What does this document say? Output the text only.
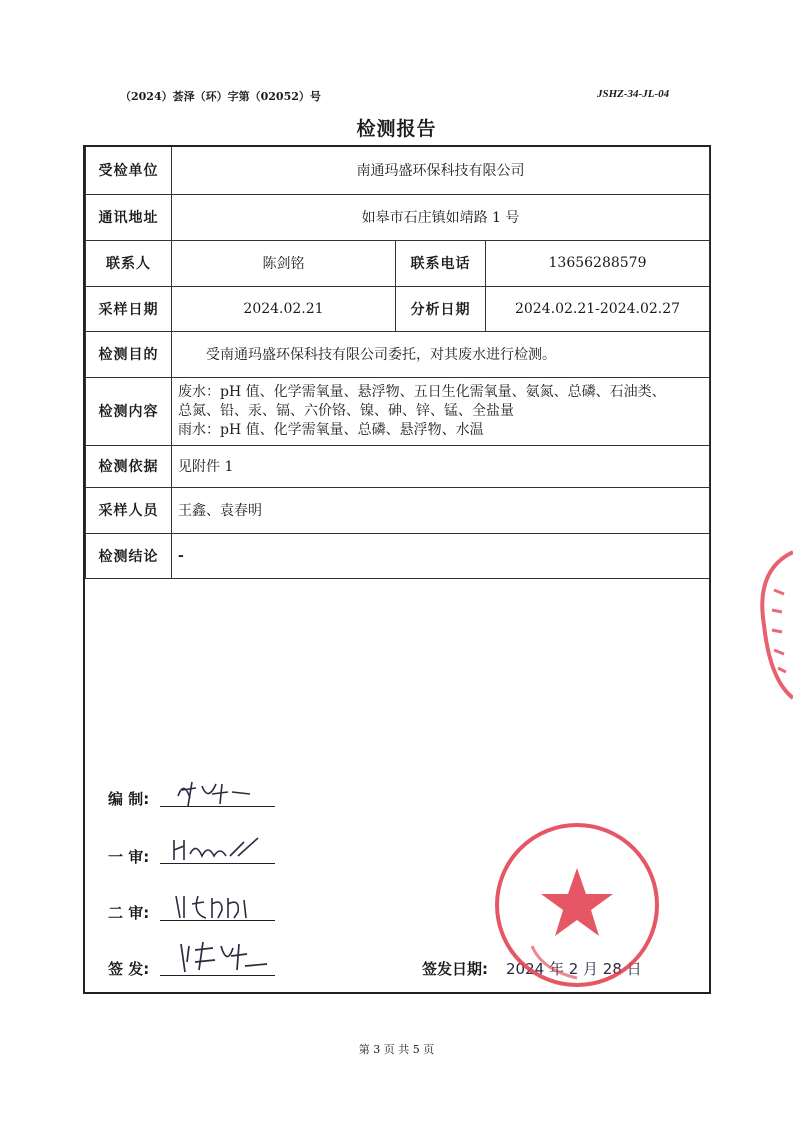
（2024）荟泽（环）字第（02052）号	JSHZ-34-JL-04
检测报告
受检单位	南通玛盛环保科技有限公司		
通讯地址	如皋市石庄镇如靖路 1 号		
联系人	陈剑铭	联系电话	13656288579
采样日期	2024.02.21	分析日期	2024.02.21-2024.02.27
检测目的	受南通玛盛环保科技有限公司委托，对其废水进行检测。		
检测内容	废水：pH 值、化学需氧量、悬浮物、五日生化需氧量、氨氮、总磷、石油类、
总氮、铅、汞、镉、六价铬、镍、砷、锌、锰、全盐量
雨水：pH 值、化学需氧量、总磷、悬浮物、水温		

检测依据	见附件 1		
采样人员	王鑫、袁春明		
检测结论	-		
编 制:
一 审:
二 审:
签 发:	签发日期: 2024 年 2 月 28 日
第 3 页 共 5 页
